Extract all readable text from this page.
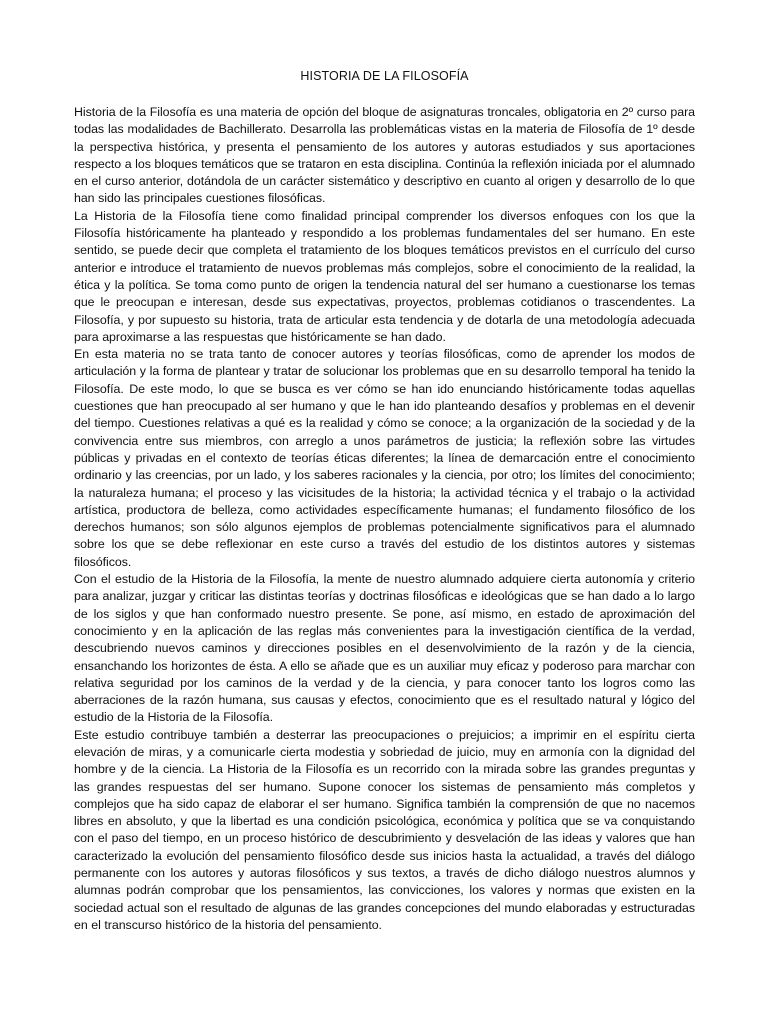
HISTORIA DE LA FILOSOFÍA

Historia de la Filosofía es una materia de opción del bloque de asignaturas troncales, obligatoria en 2º curso para todas las modalidades de Bachillerato. Desarrolla las problemáticas vistas en la materia de Filosofía de 1º desde la perspectiva histórica, y presenta el pensamiento de los autores y autoras estudiados y sus aportaciones respecto a los bloques temáticos que se trataron en esta disciplina. Continúa la reflexión iniciada por el alumnado en el curso anterior, dotándola de un carácter sistemático y descriptivo en cuanto al origen y desarrollo de lo que han sido las principales cuestiones filosóficas.

La Historia de la Filosofía tiene como finalidad principal comprender los diversos enfoques con los que la Filosofía históricamente ha planteado y respondido a los problemas fundamentales del ser humano. En este sentido, se puede decir que completa el tratamiento de los bloques temáticos previstos en el currículo del curso anterior e introduce el tratamiento de nuevos problemas más complejos, sobre el conocimiento de la realidad, la ética y la política. Se toma como punto de origen la tendencia natural del ser humano a cuestionarse los temas que le preocupan e interesan, desde sus expectativas, proyectos, problemas cotidianos o trascendentes. La Filosofía, y por supuesto su historia, trata de articular esta tendencia y de dotarla de una metodología adecuada para aproximarse a las respuestas que históricamente se han dado.

En esta materia no se trata tanto de conocer autores y teorías filosóficas, como de aprender los modos de articulación y la forma de plantear y tratar de solucionar los problemas que en su desarrollo temporal ha tenido la Filosofía. De este modo, lo que se busca es ver cómo se han ido enunciando históricamente todas aquellas cuestiones que han preocupado al ser humano y que le han ido planteando desafíos y problemas en el devenir del tiempo. Cuestiones relativas a qué es la realidad y cómo se conoce; a la organización de la sociedad y de la convivencia entre sus miembros, con arreglo a unos parámetros de justicia; la reflexión sobre las virtudes públicas y privadas en el contexto de teorías éticas diferentes; la línea de demarcación entre el conocimiento ordinario y las creencias, por un lado, y los saberes racionales y la ciencia, por otro; los límites del conocimiento; la naturaleza humana; el proceso y las vicisitudes de la historia; la actividad técnica y el trabajo o la actividad artística, productora de belleza, como actividades específicamente humanas; el fundamento filosófico de los derechos humanos; son sólo algunos ejemplos de problemas potencialmente significativos para el alumnado sobre los que se debe reflexionar en este curso a través del estudio de los distintos autores y sistemas filosóficos.

Con el estudio de la Historia de la Filosofía, la mente de nuestro alumnado adquiere cierta autonomía y criterio para analizar, juzgar y criticar las distintas teorías y doctrinas filosóficas e ideológicas que se han dado a lo largo de los siglos y que han conformado nuestro presente. Se pone, así mismo, en estado de aproximación del conocimiento y en la aplicación de las reglas más convenientes para la investigación científica de la verdad, descubriendo nuevos caminos y direcciones posibles en el desenvolvimiento de la razón y de la ciencia, ensanchando los horizontes de ésta. A ello se añade que es un auxiliar muy eficaz y poderoso para marchar con relativa seguridad por los caminos de la verdad y de la ciencia, y para conocer tanto los logros como las aberraciones de la razón humana, sus causas y efectos, conocimiento que es el resultado natural y lógico del estudio de la Historia de la Filosofía.

Este estudio contribuye también a desterrar las preocupaciones o prejuicios; a imprimir en el espíritu cierta elevación de miras, y a comunicarle cierta modestia y sobriedad de juicio, muy en armonía con la dignidad del hombre y de la ciencia. La Historia de la Filosofía es un recorrido con la mirada sobre las grandes preguntas y las grandes respuestas del ser humano. Supone conocer los sistemas de pensamiento más completos y complejos que ha sido capaz de elaborar el ser humano. Significa también la comprensión de que no nacemos libres en absoluto, y que la libertad es una condición psicológica, económica y política que se va conquistando con el paso del tiempo, en un proceso histórico de descubrimiento y desvelación de las ideas y valores que han caracterizado la evolución del pensamiento filosófico desde sus inicios hasta la actualidad, a través del diálogo permanente con los autores y autoras filosóficos y sus textos, a través de dicho diálogo nuestros alumnos y alumnas podrán comprobar que los pensamientos, las convicciones, los valores y normas que existen en la sociedad actual son el resultado de algunas de las grandes concepciones del mundo elaboradas y estructuradas en el transcurso histórico de la historia del pensamiento.
